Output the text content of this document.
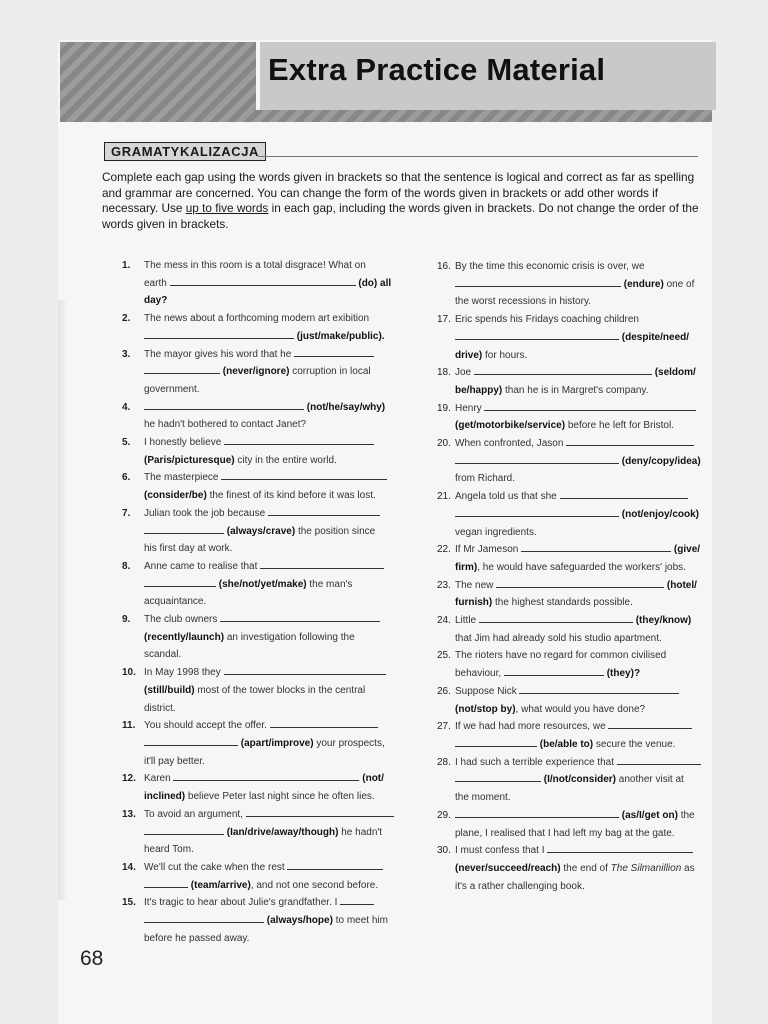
Extra Practice Material
GRAMATYKALIZACJA
Complete each gap using the words given in brackets so that the sentence is logical and correct as far as spelling and grammar are concerned. You can change the form of the words given in brackets or add other words if necessary. Use up to five words in each gap, including the words given in brackets. Do not change the order of the words given in brackets.
1.	The mess in this room is a total disgrace! What on
earth	(do) all day?
2.	The news about a forthcoming modern art exibition
(just/make/public).
3.	The mayor gives his word that he
(never/ignore) corruption in local
government.
4.	(not/he/say/why)
he hadn't bothered to contact Janet?
5.	I honestly believe
(Paris/picturesque) city in the entire world.
6.	The masterpiece
(consider/be) the finest of its kind before it was lost.
7.	Julian took the job because
(always/crave) the position since
his first day at work.
8.	Anne came to realise that
(she/not/yet/make) the man's
acquaintance.
9.	The club owners
(recently/launch) an investigation following the
scandal.
10. In May 1998 they
(still/build) most of the tower blocks in the central
district.
11. You should accept the offer.
(apart/improve) your prospects,
it'll pay better.
12. Karen	(not/
inclined) believe Peter last night since he often lies.
13. To avoid an argument,
(Ian/drive/away/though) he hadn't
heard Tom.
14. We'll cut the cake when the rest
(team/arrive), and not one second before.
15. It's tragic to hear about Julie's grandfather. I
(always/hope) to meet him
before he passed away.
16. By the time this economic crisis is over, we
(endure) one of
the worst recessions in history.
17. Eric spends his Fridays coaching children
(despite/need/
drive) for hours.
18. Joe	(seldom/
be/happy) than he is in Margret's company.
19. Henry
(get/motorbike/service) before he left for Bristol.
20. When confronted, Jason
(deny/copy/idea)
from Richard.
21. Angela told us that she
(not/enjoy/cook)
vegan ingredients.
22. If Mr Jameson	(give/
firm), he would have safeguarded the workers' jobs.
23. The new	(hotel/
furnish) the highest standards possible.
24. Little	(they/know)
that Jim had already sold his studio apartment.
25. The rioters have no regard for common civilised
behaviour,	(they)?
26. Suppose Nick
(not/stop by), what would you have done?
27. If we had had more resources, we
(be/able to) secure the venue.
28. I had such a terrible experience that
(I/not/consider) another visit at
the moment.
29.	(as/I/get on) the
plane, I realised that I had left my bag at the gate.
30. I must confess that I
(never/succeed/reach) the end of The Silmanillion as
it's a rather challenging book.
68
